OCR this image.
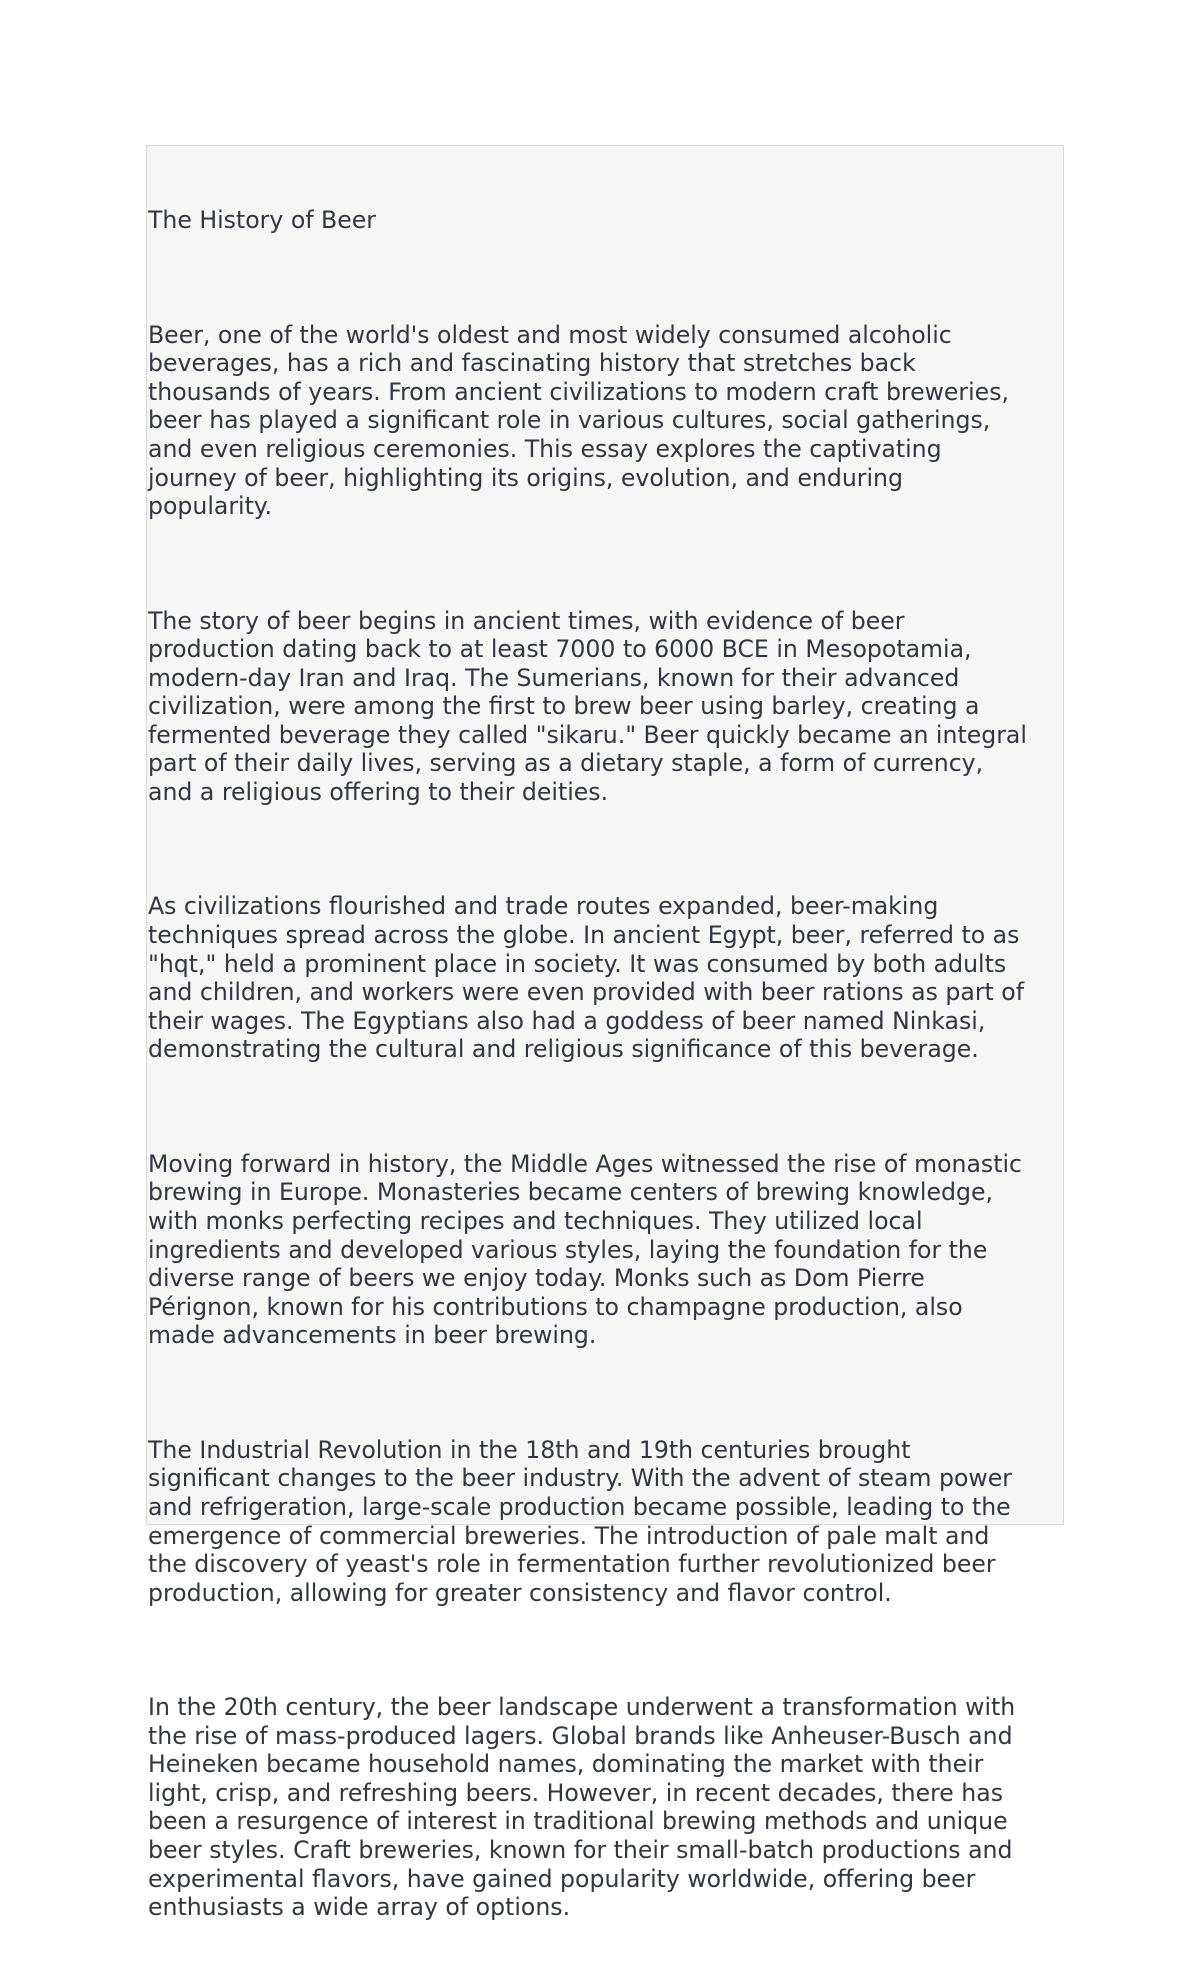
The History of Beer

Beer, one of the world's oldest and most widely consumed alcoholic
beverages, has a rich and fascinating history that stretches back
thousands of years. From ancient civilizations to modern craft breweries,
beer has played a significant role in various cultures, social gatherings,
and even religious ceremonies. This essay explores the captivating
journey of beer, highlighting its origins, evolution, and enduring
popularity.

The story of beer begins in ancient times, with evidence of beer
production dating back to at least 7000 to 6000 BCE in Mesopotamia,
modern-day Iran and Iraq. The Sumerians, known for their advanced
civilization, were among the first to brew beer using barley, creating a
fermented beverage they called "sikaru." Beer quickly became an integral
part of their daily lives, serving as a dietary staple, a form of currency,
and a religious offering to their deities.

As civilizations flourished and trade routes expanded, beer-making
techniques spread across the globe. In ancient Egypt, beer, referred to as
"hqt," held a prominent place in society. It was consumed by both adults
and children, and workers were even provided with beer rations as part of
their wages. The Egyptians also had a goddess of beer named Ninkasi,
demonstrating the cultural and religious significance of this beverage.

Moving forward in history, the Middle Ages witnessed the rise of monastic
brewing in Europe. Monasteries became centers of brewing knowledge,
with monks perfecting recipes and techniques. They utilized local
ingredients and developed various styles, laying the foundation for the
diverse range of beers we enjoy today. Monks such as Dom Pierre
Pérignon, known for his contributions to champagne production, also
made advancements in beer brewing.

The Industrial Revolution in the 18th and 19th centuries brought
significant changes to the beer industry. With the advent of steam power
and refrigeration, large-scale production became possible, leading to the
emergence of commercial breweries. The introduction of pale malt and
the discovery of yeast's role in fermentation further revolutionized beer
production, allowing for greater consistency and flavor control.

In the 20th century, the beer landscape underwent a transformation with
the rise of mass-produced lagers. Global brands like Anheuser-Busch and
Heineken became household names, dominating the market with their
light, crisp, and refreshing beers. However, in recent decades, there has
been a resurgence of interest in traditional brewing methods and unique
beer styles. Craft breweries, known for their small-batch productions and
experimental flavors, have gained popularity worldwide, offering beer
enthusiasts a wide array of options.
